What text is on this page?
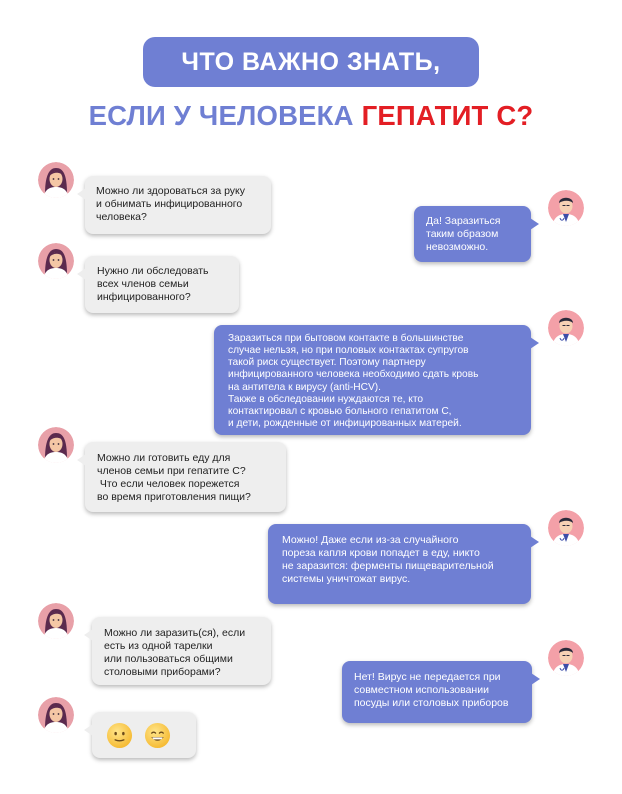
ЧТО ВАЖНО ЗНАТЬ,
ЕСЛИ У ЧЕЛОВЕКА ГЕПАТИТ С?

Можно ли здороваться за руку

и обнимать инфицированного

человека?	Да! Заразиться

таким образом

невозможно.

Нужно ли обследовать

всех членов семьи

инфицированного?

Заразиться при бытовом контакте в большинстве

случае нельзя, но при половых контактах супругов

такой риск существует. Поэтому партнеру

инфицированного человека необходимо сдать кровь

на антитела к вирусу (anti-HCV).

Также в обследовании нуждаются те, кто

контактировал с кровью больного гепатитом С,

и дети, рожденные от инфицированных матерей.

Можно ли готовить еду для

членов семьи при гепатите С?

Что если человек порежется

во время приготовления пищи?

Можно! Даже если из-за случайного

пореза капля крови попадет в еду, никто

не заразится: ферменты пищеварительной

системы уничтожат вирус.

Можно ли заразить(ся), если

есть из одной тарелки

или пользоваться общими

столовыми приборами?	Нет! Вирус не передается при

совместном использовании

посуды или столовых приборов
